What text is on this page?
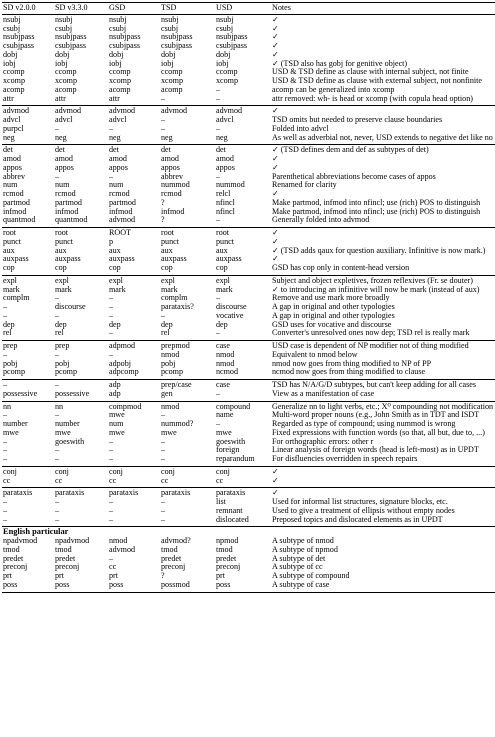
SD v2.0.0	SD v3.3.0	GSD	TSD	USD	Notes
nsubj	nsubj	nsubj	nsubj	nsubj	✓
csubj	csubj	csubj	csubj	csubj	✓
nsubjpass	nsubjpass	nsubjpass	nsubjpass	nsubjpass	✓
csubjpass	csubjpass	csubjpass	csubjpass	csubjpass	✓
dobj	dobj	dobj	dobj	dobj	✓
iobj	iobj	iobj	iobj	iobj	✓ (TSD also has gobj for genitive object)
ccomp	ccomp	ccomp	ccomp	ccomp	USD & TSD define as clause with internal subject, not finite
xcomp	xcomp	xcomp	xcomp	xcomp	USD & TSD define as clause with external subject, not nonfinite
acomp	acomp	acomp	acomp	–	acomp can be generalized into xcomp
attr	attr	attr	–	–	attr removed: wh- is head or xcomp (with copula head option)
advmod	advmod	advmod	advmod	advmod	✓
advcl	advcl	advcl	–	advcl	TSD omits but needed to preserve clause boundaries
purpcl	–	–	–	–	Folded into advcl
neg	neg	neg	neg	neg	As well as adverbial not, never, USD extends to negative det like no
det	det	det	det	det	✓ (TSD defines dem and def as subtypes of det)
amod	amod	amod	amod	amod	✓
appos	appos	appos	appos	appos	✓
abbrev	–	–	abbrev	–	Parenthetical abbreviations become cases of appos
num	num	num	nummod	nummod	Renamed for clarity
rcmod	rcmod	rcmod	rcmod	relcl	✓
partmod	partmod	partmod	?	nfincl	Make partmod, infmod into nfincl; use (rich) POS to distinguish
infmod	infmod	infmod	infmod	nfincl	Make partmod, infmod into nfincl; use (rich) POS to distinguish
quantmod	quantmod	advmod	?	–	Generally folded into advmod
root	root	ROOT	root	root	✓
punct	punct	p	punct	punct	✓
aux	aux	aux	aux	aux	✓ (TSD adds qaux for question auxiliary. Infinitive is now mark.)
auxpass	auxpass	auxpass	auxpass	auxpass	✓
cop	cop	cop	cop	cop	GSD has cop only in content-head version
expl	expl	expl	expl	expl	Subject and object expletives, frozen reflexives (Fr. se douter)
mark	mark	mark	mark	mark	✓ to introducing an infinitive will now be mark (instead of aux)
complm	–	–	complm	–	Remove and use mark more broadly
–	discourse	–	parataxis?	discourse	A gap in original and other typologies
–	–	–	–	vocative	A gap in original and other typologies
dep	dep	dep	dep	dep	GSD uses for vocative and discourse
rel	rel	–	rel	–	Converter's unresolved ones now dep; TSD rel is really mark
prep	prep	adpmod	prepmod	case	USD case is dependent of NP modifier not of thing modified
–	–	–	nmod	nmod	Equivalent to nmod below
pobj	pobj	adpobj	pobj	nmod	nmod now goes from thing modified to NP of PP
pcomp	pcomp	adpcomp	pcomp	ncmod	ncmod now goes from thing modified to clause
–	–	adp	prep/case	case	TSD has N/A/G/D subtypes, but can't keep adding for all cases
possessive	possessive	adp	gen	–	View as a manifestation of case
nn	nn	compmod	nmod	compound	Generalize nn to light verbs, etc.; X⁰ compounding not modification
–	–	mwe	–	name	Multi-word proper nouns (e.g., John Smith as in TDT and ISDT
number	number	num	nummod?	–	Regarded as type of compound; using nummod is wrong
mwe	mwe	mwe	mwe	mwe	Fixed expressions with function words (so that, all but, due to, ...)
–	goeswith	–	–	goeswith	For orthographic errors: other r
–	–	–	–	foreign	Linear analysis of foreign words (head is left-most) as in UPDT
–	–	–	–	reparandum	For disfluencies overridden in speech repairs
conj	conj	conj	conj	conj	✓
cc	cc	cc	cc	cc	✓
parataxis	parataxis	parataxis	parataxis	parataxis	✓
–	–	–	–	list	Used for informal list structures, signature blocks, etc.
–	–	–	–	remnant	Used to give a treatment of ellipsis without empty nodes
–	–	–	–	dislocated	Preposed topics and dislocated elements as in UPDT
English particular					
npadvmod	npadvmod	nmod	advmod?	npmod	A subtype of nmod
tmod	tmod	advmod	tmod	tmod	A subtype of npmod
predet	predet	–	predet	predet	A subtype of det
preconj	preconj	cc	preconj	preconj	A subtype of cc
prt	prt	prt	?	prt	A subtype of compound
poss	poss	poss	possmod	poss	A subtype of case
